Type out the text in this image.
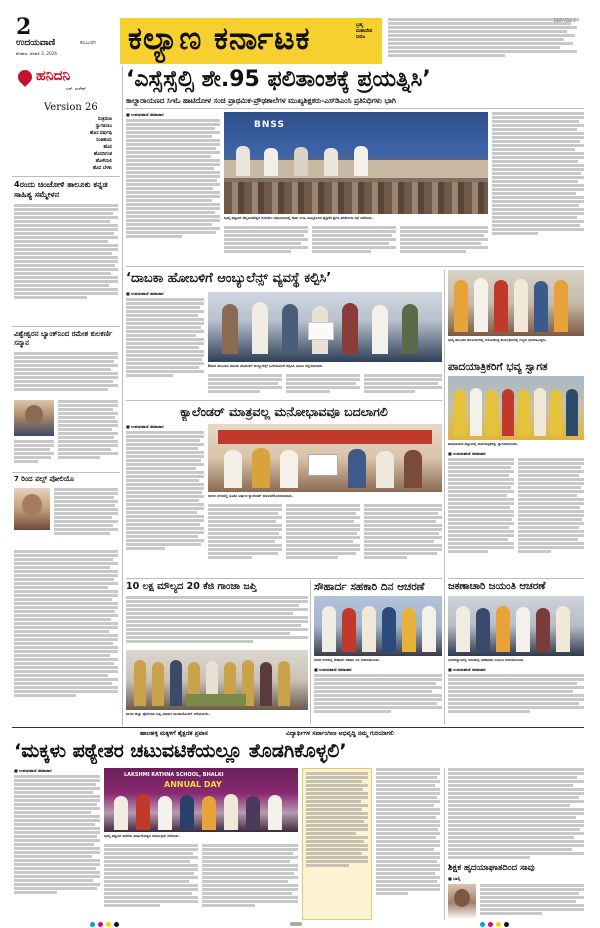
2
ಉದಯವಾಣಿ	ಕಲಬುರಗಿ
ಶನಿವಾರ, ಜನವರಿ 3, 2026 ಕಲ್ಯಾಣ ಕರ್ನಾಟಕ	ಬ್ರಹ್ಮ
ಮಹಾದೇವ
ನೀರಜ
ಹನಿದನಿ
ಎಸ್. ಸುರೇಶ್
Version 26
ಸಂಕ್ರಮಣ
ಸ್ವಾಗತಿಸಲು
ಹೊಸ ವರ್ಷವು
ನಿಂತಿಹುದು
ಹೊಸ
ಹೊಸದಿಗಂತ
ಹೊಳೆಯಲಿ
ಹೊಸ ಬೆಳಕು
4ರಂದು ಚಿಂಚೋಳಿ ತಾಲೂಕು ಕನ್ನಡ ಸಾಹಿತ್ಯ ಸಮ್ಮೇಳನ
ವಿಶ್ವೇಶ್ವರನ ಬ್ಯಾಂಕ್‌ನಿಂದ ರಮೇಶ ಕುಲಕರ್ಣಿ ಸನ್ಮಾನ
7 ರಿಂದ ಪಲ್ಸ್ ಪೋಲಿಯೊ
‘ಎಸ್ಸೆಸ್ಸೆಲ್ಸಿ ಶೇ.95 ಫಲಿತಾಂಶಕ್ಕೆ ಪ್ರಯತ್ನಿಸಿ’
ಕಾಲ್ನಾರಾಯಣದ ಸಿಇಓ ಹಾಟಿದೋಳ ಸಂಚಿ ಪ್ರಾಥಮಿಕ-ಪ್ರೌಢಶಾಲೆಗಳ ಮುಖ್ಯಶಿಕ್ಷಕರು-ಎಸ್‌ಡಿಎಂಸಿ ಪ್ರತಿನಿಧಿಗಳು ಭಾಗಿ
■ ಉದಯವಾಣಿ ಸಮಾಚಾರ
BNSS
ಭಾಲ್ಕಿ ಪಟ್ಟಣದ ಚೆನ್ನಬಸವೇಶ್ವರ ಗುರುಕುಲ ಸಭಾಂಗಣದಲ್ಲಿ ಜಿಪಂ ಸಿಇಒ ಹಮ್ಮಿಕೊಂಡ ಶೈಕ್ಷಣಿಕ ಪ್ರಗತಿ ಪರಿಶೀಲನಾ ಸಭೆ ನಡೆಯಿತು.
‘ದಾಬಕಾ ಹೋಬಳಿಗೆ ಆಂಬ್ಯುಲೆನ್ಸ್ ವ್ಯವಸ್ಥೆ ಕಲ್ಪಿಸಿ’
■ ಉದಯವಾಣಿ ಸಮಾಚಾರ
ಔರಾದ ತಾಲೂಕಿನ ದಾಬಕಾ ಹೋಬಳಿಗೆ ಆಂಬ್ಯುಲೆನ್ಸ್ ಒದಗಿಸುವಂತೆ ಆಗ್ರಹಿಸಿ ಮನವಿ ಸಲ್ಲಿಸಲಾಯಿತು.
ಕ್ಯಾಲೆಂಡರ್ ಮಾತ್ರವಲ್ಲ ಮನೋಭಾವವೂ ಬದಲಾಗಲಿ
■ ಉದಯವಾಣಿ ಸಮಾಚಾರ
ಬೀದರ ನಗರದಲ್ಲಿ ನೂತನ ವರ್ಷದ ಕ್ಯಾಲೆಂಡರ್ ಬಿಡುಗಡೆಗೊಳಿಸಲಾಯಿತು.
10 ಲಕ್ಷ ಮೌಲ್ಯದ 20 ಕೆಜಿ ಗಾಂಜಾ ಜಪ್ತಿ
ಬೀದರ ಜಿಲ್ಲಾ ಪೊಲೀಸರು ಜಪ್ತಿ ಮಾಡಿದ ಗಾಂಜಾದೊಂದಿಗೆ ಆರೋಪಿಗಳು.
ಸೌಹಾರ್ದ ಸಹಕಾರಿ ದಿನ ಆಚರಣೆ
ಬೀದರ ನಗರದಲ್ಲಿ ಸೌಹಾರ್ದ ಸಹಕಾರಿ ದಿನ ಆಚರಿಸಲಾಯಿತು.
■ ಉದಯವಾಣಿ ಸಮಾಚಾರ
ಭಾಲ್ಕಿ ತಾಲೂಕಿನ ಹಲಬರ್ಗಾದಲ್ಲಿ ಆಯೋಜಿಸಿದ್ದ ಕಾರ್ಯಕ್ರಮದಲ್ಲಿ ಗಣ್ಯರು ಭಾಗವಹಿಸಿದ್ದರು.
ಪಾದಯಾತ್ರಿಕರಿಗೆ ಭವ್ಯ ಸ್ವಾಗತ
ಹುಮನಾಬಾದ ಪಟ್ಟಣದಲ್ಲಿ ಪಾದಯಾತ್ರಿಕರನ್ನು ಸ್ವಾಗತಿಸಲಾಯಿತು.
■ ಉದಯವಾಣಿ ಸಮಾಚಾರ
ಜಕಣಾಚಾರಿ ಜಯಂತಿ ಆಚರಣೆ
ಬಸವಕಲ್ಯಾಣದಲ್ಲಿ ಅಮರಶಿಲ್ಪಿ ಜಕಣಾಚಾರಿ ಜಯಂತಿ ಆಚರಿಸಲಾಯಿತು.
■ ಉದಯವಾಣಿ ಸಮಾಚಾರ
ಹಾಲಹಳ್ಳಿ ಮಕ್ಕಳಿಗೆ ಶೈಕ್ಷಣಿಕ ಪ್ರವಾಸ	ವಿದ್ಯಾರ್ಥಿಗಳ ಸರ್ವಾಂಗೀಣ ಅಭಿವೃದ್ಧಿ ನಮ್ಮ ಗುರಿಯಾಗಲಿ
‘ಮಕ್ಕಳು ಪಠ್ಯೇತರ ಚಟುವಟಿಕೆಯಲ್ಲೂ ತೊಡಗಿಕೊಳ್ಳಲಿ’
■ ಉದಯವಾಣಿ ಸಮಾಚಾರ
LAKSHMI RATHNA SCHOOL, BHALKI
ANNUAL DAY
ಭಾಲ್ಕಿ ಪಟ್ಟಣದ ಶಾಲೆಯ ವಾರ್ಷಿಕೋತ್ಸವ ಕಾರ್ಯಕ್ರಮ ನಡೆಯಿತು.
ಶಿಕ್ಷಕ ಹೃದಯಾಘಾತದಿಂದ ಸಾವು
■ ಭಾಲ್ಕಿ
